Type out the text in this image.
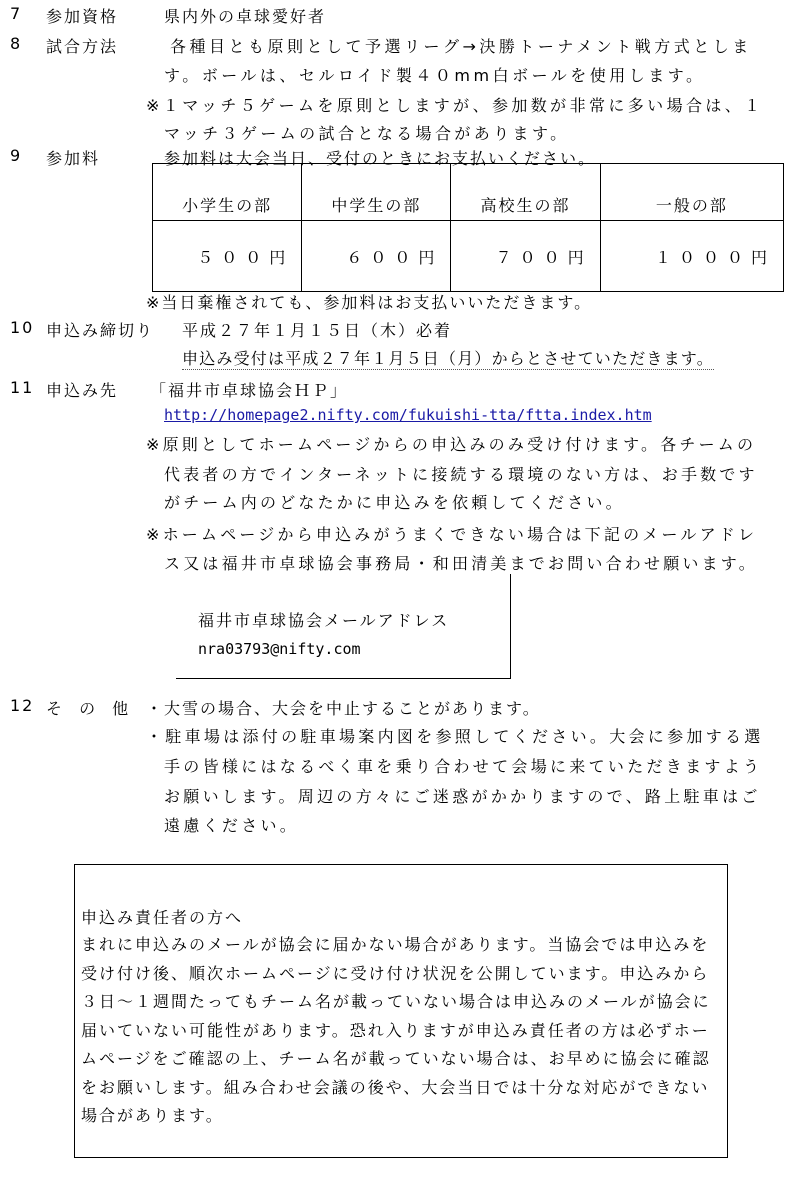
7 参加資格	県内外の卓球愛好者
8 試合方法	各種目とも原則として予選リーグ→決勝トーナメント戦方式としま
す。ボールは、セルロイド製４０mm白ボールを使用します。
※１マッチ５ゲームを原則としますが、参加数が非常に多い場合は、１
マッチ３ゲームの試合となる場合があります。
9 参加料	参加料は大会当日、受付のときにお支払いください。
小学生の部	中学生の部	高校生の部	一般の部
５００円	６００円	７００円	１０００円
※当日棄権されても、参加料はお支払いいただきます。
10 申込み締切り 平成２７年１月１５日（木）必着
申込み受付は平成２７年１月５日（月）からとさせていただきます。
11 申込み先 「福井市卓球協会ＨＰ」
http://homepage2.nifty.com/fukuishi-tta/ftta.index.htm
※原則としてホームページからの申込みのみ受け付けます。各チームの
代表者の方でインターネットに接続する環境のない方は、お手数です
がチーム内のどなたかに申込みを依頼してください。
※ホームページから申込みがうまくできない場合は下記のメールアドレ
ス又は福井市卓球協会事務局・和田清美までお問い合わせ願います。
福井市卓球協会メールアドレス
nra03793@nifty.com
12 そ の 他 ・大雪の場合、大会を中止することがあります。
・駐車場は添付の駐車場案内図を参照してください。大会に参加する選
手の皆様にはなるべく車を乗り合わせて会場に来ていただきますよう
お願いします。周辺の方々にご迷惑がかかりますので、路上駐車はご
遠慮ください。
申込み責任者の方へ
まれに申込みのメールが協会に届かない場合があります。当協会では申込みを受け付け後、順次ホームページに受け付け状況を公開しています。申込みから３日～１週間たってもチーム名が載っていない場合は申込みのメールが協会に届いていない可能性があります。恐れ入りますが申込み責任者の方は必ずホームページをご確認の上、チーム名が載っていない場合は、お早めに協会に確認をお願いします。組み合わせ会議の後や、大会当日では十分な対応ができない場合があります。
